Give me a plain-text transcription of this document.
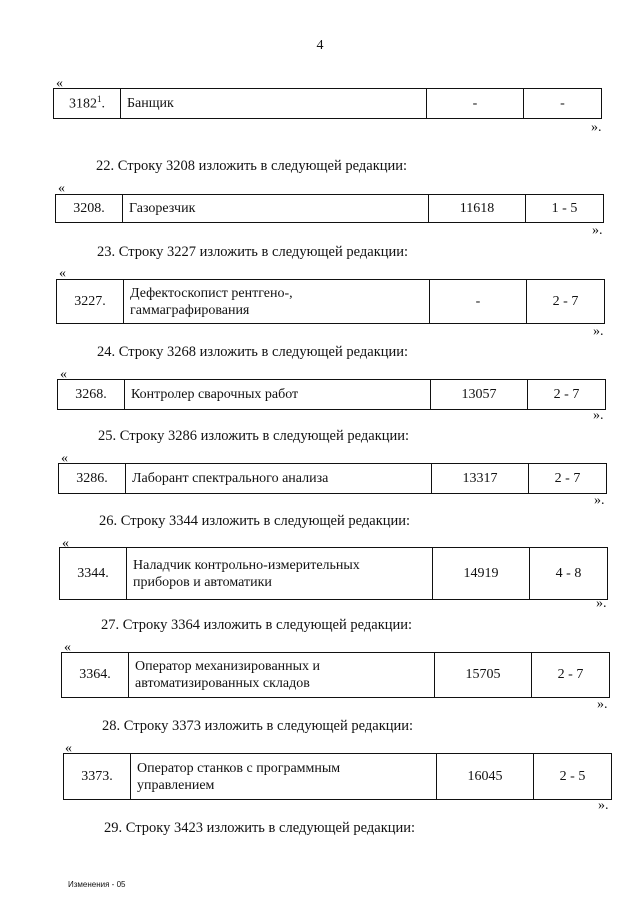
4
«
3182$^1$.	Банщик	-	-
».
22. Строку 3208 изложить в следующей редакции:
«
3208.	Газорезчик	11618	1 - 5
».
23. Строку 3227 изложить в следующей редакции:
«
3227.	Дефектоскопист рентгено-,
гаммаграфирования	-	2 - 7
».
24. Строку 3268 изложить в следующей редакции:
«
3268.	Контролер сварочных работ	13057	2 - 7
».
25. Строку 3286 изложить в следующей редакции:
«
3286.	Лаборант спектрального анализа	13317	2 - 7
».
26. Строку 3344 изложить в следующей редакции:
«
3344.	Наладчик контрольно-измерительных
приборов и автоматики	14919	4 - 8
».
27. Строку 3364 изложить в следующей редакции:
«
3364.	Оператор механизированных и
автоматизированных складов	15705	2 - 7
».
28. Строку 3373 изложить в следующей редакции:
«
3373.	Оператор станков с программным
управлением	16045	2 - 5
».
29. Строку 3423 изложить в следующей редакции:
Изменения - 05
